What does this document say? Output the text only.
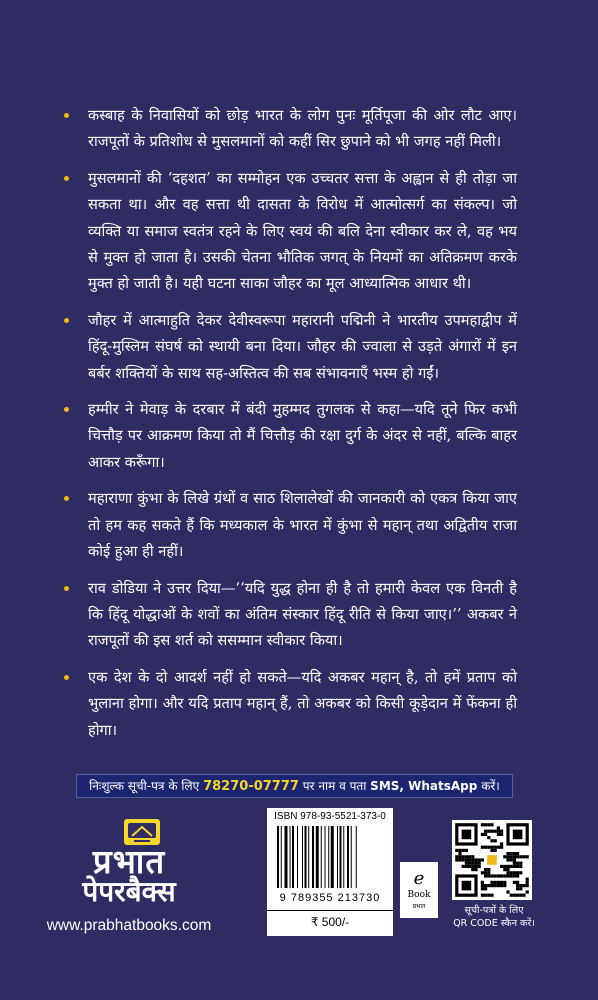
कस्बाह के निवासियों को छोड़ भारत के लोग पुनः मूर्तिपूजा की ओर लौट आए। राजपूतों के प्रतिशोध से मुसलमानों को कहीं सिर छुपाने को भी जगह नहीं मिली।
मुसलमानों की ‘दहशत’ का सम्मोहन एक उच्चतर सत्ता के अह्वान से ही तोड़ा जा सकता था। और वह सत्ता थी दासता के विरोध में आत्मोत्सर्ग का संकल्प। जो व्यक्ति या समाज स्वतंत्र रहने के लिए स्वयं की बलि देना स्वीकार कर ले, वह भय से मुक्त हो जाता है। उसकी चेतना भौतिक जगत् के नियमों का अतिक्रमण करके मुक्त हो जाती है। यही घटना साका जौहर का मूल आध्यात्मिक आधार थी।
जौहर में आत्माहुति देकर देवीस्वरूपा महारानी पद्मिनी ने भारतीय उपमहाद्वीप में हिंदू-मुस्लिम संघर्ष को स्थायी बना दिया। जौहर की ज्वाला से उड़ते अंगारों में इन बर्बर शक्तियों के साथ सह-अस्तित्व की सब संभावनाएँ भस्म हो गईं।
हम्मीर ने मेवाड़ के दरबार में बंदी मुहम्मद तुगलक से कहा—यदि तूने फिर कभी चित्तौड़ पर आक्रमण किया तो मैं चित्तौड़ की रक्षा दुर्ग के अंदर से नहीं, बल्कि बाहर आकर करूँगा।
महाराणा कुंभा के लिखे ग्रंथों व साठ शिलालेखों की जानकारी को एकत्र किया जाए तो हम कह सकते हैं कि मध्यकाल के भारत में कुंभा से महान् तथा अद्वितीय राजा कोई हुआ ही नहीं।
राव डोडिया ने उत्तर दिया—‘‘यदि युद्ध होना ही है तो हमारी केवल एक विनती है कि हिंदू योद्धाओं के शवों का अंतिम संस्कार हिंदू रीति से किया जाए।’’ अकबर ने राजपूतों की इस शर्त को ससम्मान स्वीकार किया।
एक देश के दो आदर्श नहीं हो सकते—यदि अकबर महान् है, तो हमें प्रताप को भुलाना होगा। और यदि प्रताप महान् हैं, तो अकबर को किसी कूड़ेदान में फेंकना ही होगा।
निःशुल्क सूची-पत्र के लिए 78270-07777 पर नाम व पता SMS, WhatsApp करें।
प्रभात
पेपरबैक्स
www.prabhatbooks.com
ISBN 978-93-5521-373-0
9 789355 213730
₹ 500/-
e
Book
प्रभात	सूची-पत्रों के लिए
QR CODE स्कैन करें।
